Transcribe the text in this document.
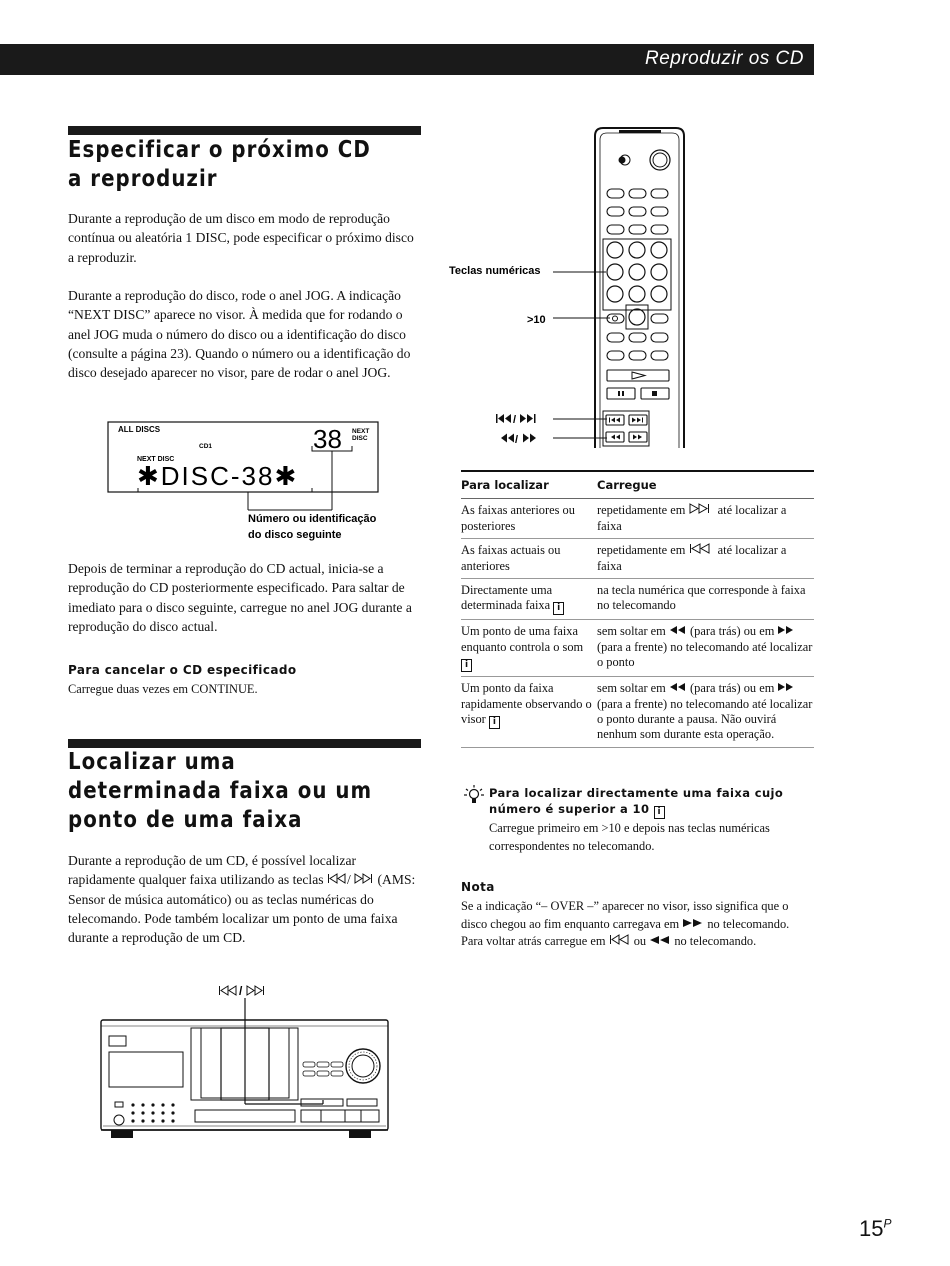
Reproduzir os CD
Especificar o próximo CD a reproduzir

Durante a reprodução de um disco em modo de reprodução contínua ou aleatória 1 DISC, pode especificar o próximo disco a reproduzir.

Durante a reprodução do disco, rode o anel JOG. A indicação “NEXT DISC” aparece no visor. À medida que for rodando o anel JOG muda o número do disco ou a identificação do disco (consulte a página 23). Quando o número ou a identificação do disco desejado aparecer no visor, pare de rodar o anel JOG.

ALL DISCS
CD1
NEXT DISC
38 NEXT
DISC
✱DISC-38✱
Número ou identificação
do disco seguinte

Depois de terminar a reprodução do CD actual, inicia-se a reprodução do CD posteriormente especificado. Para saltar de imediato para o disco seguinte, carregue no anel JOG durante a reprodução do disco actual.

Para cancelar o CD especificado
Carregue duas vezes em CONTINUE.
Localizar uma determinada faixa ou um ponto de uma faixa

Durante a reprodução de um CD, é possível localizar rapidamente qualquer faixa utilizando as teclas / (AMS: Sensor de música automático) ou as teclas numéricas do telecomando. Pode também localizar um ponto de uma faixa durante a reprodução de um CD.

/
Teclas numéricas
>10
/
/
Para localizar	Carregue
As faixas anteriores ou posteriores	repetidamente em até localizar a faixa
As faixas actuais ou anteriores	repetidamente em até localizar a faixa
Directamente uma determinada faixa i	na tecla numérica que corresponde à faixa no telecomando
Um ponto de uma faixa enquanto controla o som i	sem soltar em (para trás) ou em  (para a frente) no telecomando até localizar o ponto
Um ponto da faixa rapidamente observando o visor i	sem soltar em (para trás) ou em  (para a frente) no telecomando até localizar o ponto durante a pausa. Não ouvirá nenhum som durante esta operação.
Para localizar directamente uma faixa cujo número é superior a 10 i
Carregue primeiro em >10 e depois nas teclas numéricas correspondentes no telecomando.
Nota
Se a indicação “– OVER –” aparecer no visor, isso significa que o disco chegou ao fim enquanto carregava em no telecomando. Para voltar atrás carregue em ou no telecomando.
$15^P$
